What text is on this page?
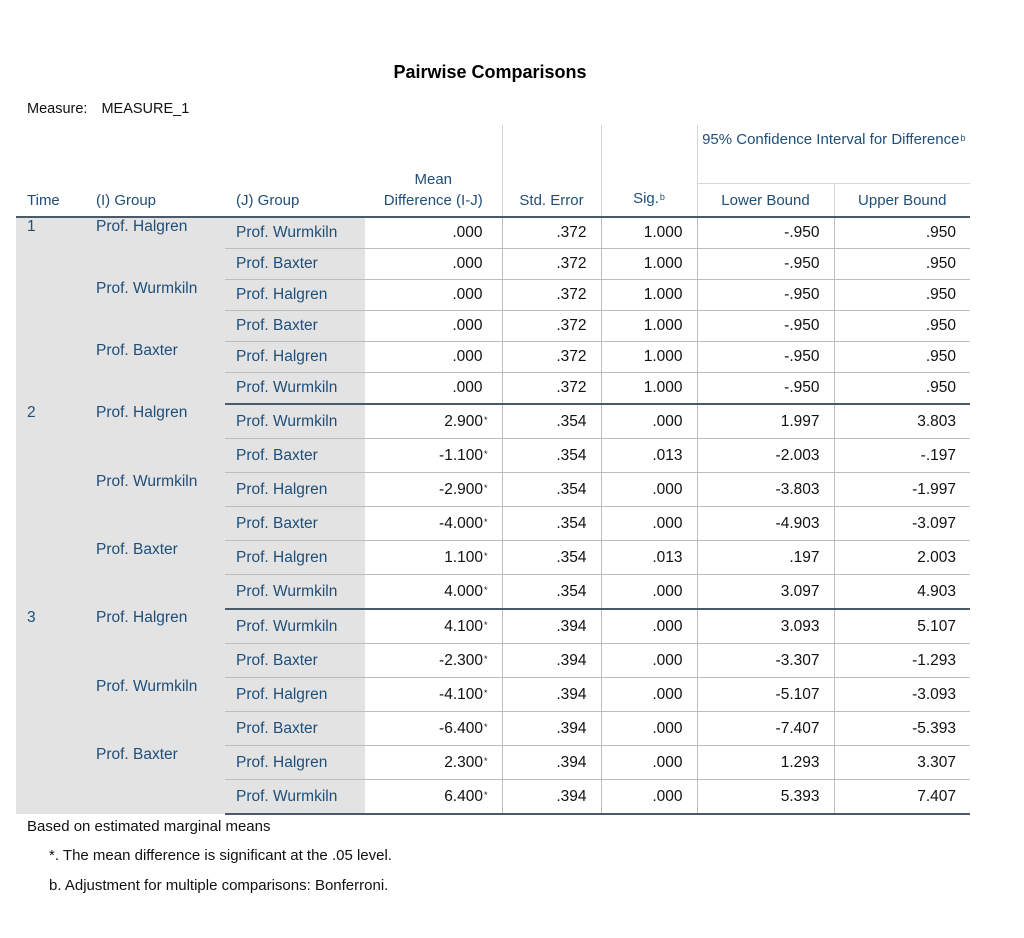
Pairwise Comparisons
Measure: MEASURE_1
Time	(I) Group	(J) Group	Mean Difference (I-J)	Std. Error	Sig.$^b$	95% Confidence Interval for Difference$^b$
						Lower Bound	Upper Bound
1	Prof. Halgren	Prof. Wurmkiln	.000	.372	1.000	-.950	.950
		Prof. Baxter	.000	.372	1.000	-.950	.950
	Prof. Wurmkiln	Prof. Halgren	.000	.372	1.000	-.950	.950
		Prof. Baxter	.000	.372	1.000	-.950	.950
	Prof. Baxter	Prof. Halgren	.000	.372	1.000	-.950	.950
		Prof. Wurmkiln	.000	.372	1.000	-.950	.950
2	Prof. Halgren	Prof. Wurmkiln	2.900*	.354	.000	1.997	3.803
		Prof. Baxter	-1.100*	.354	.013	-2.003	-.197
	Prof. Wurmkiln	Prof. Halgren	-2.900*	.354	.000	-3.803	-1.997
		Prof. Baxter	-4.000*	.354	.000	-4.903	-3.097
	Prof. Baxter	Prof. Halgren	1.100*	.354	.013	.197	2.003
		Prof. Wurmkiln	4.000*	.354	.000	3.097	4.903
3	Prof. Halgren	Prof. Wurmkiln	4.100*	.394	.000	3.093	5.107
		Prof. Baxter	-2.300*	.394	.000	-3.307	-1.293
	Prof. Wurmkiln	Prof. Halgren	-4.100*	.394	.000	-5.107	-3.093
		Prof. Baxter	-6.400*	.394	.000	-7.407	-5.393
	Prof. Baxter	Prof. Halgren	2.300*	.394	.000	1.293	3.307
		Prof. Wurmkiln	6.400*	.394	.000	5.393	7.407
Based on estimated marginal means
*. The mean difference is significant at the .05 level.
b. Adjustment for multiple comparisons: Bonferroni.
